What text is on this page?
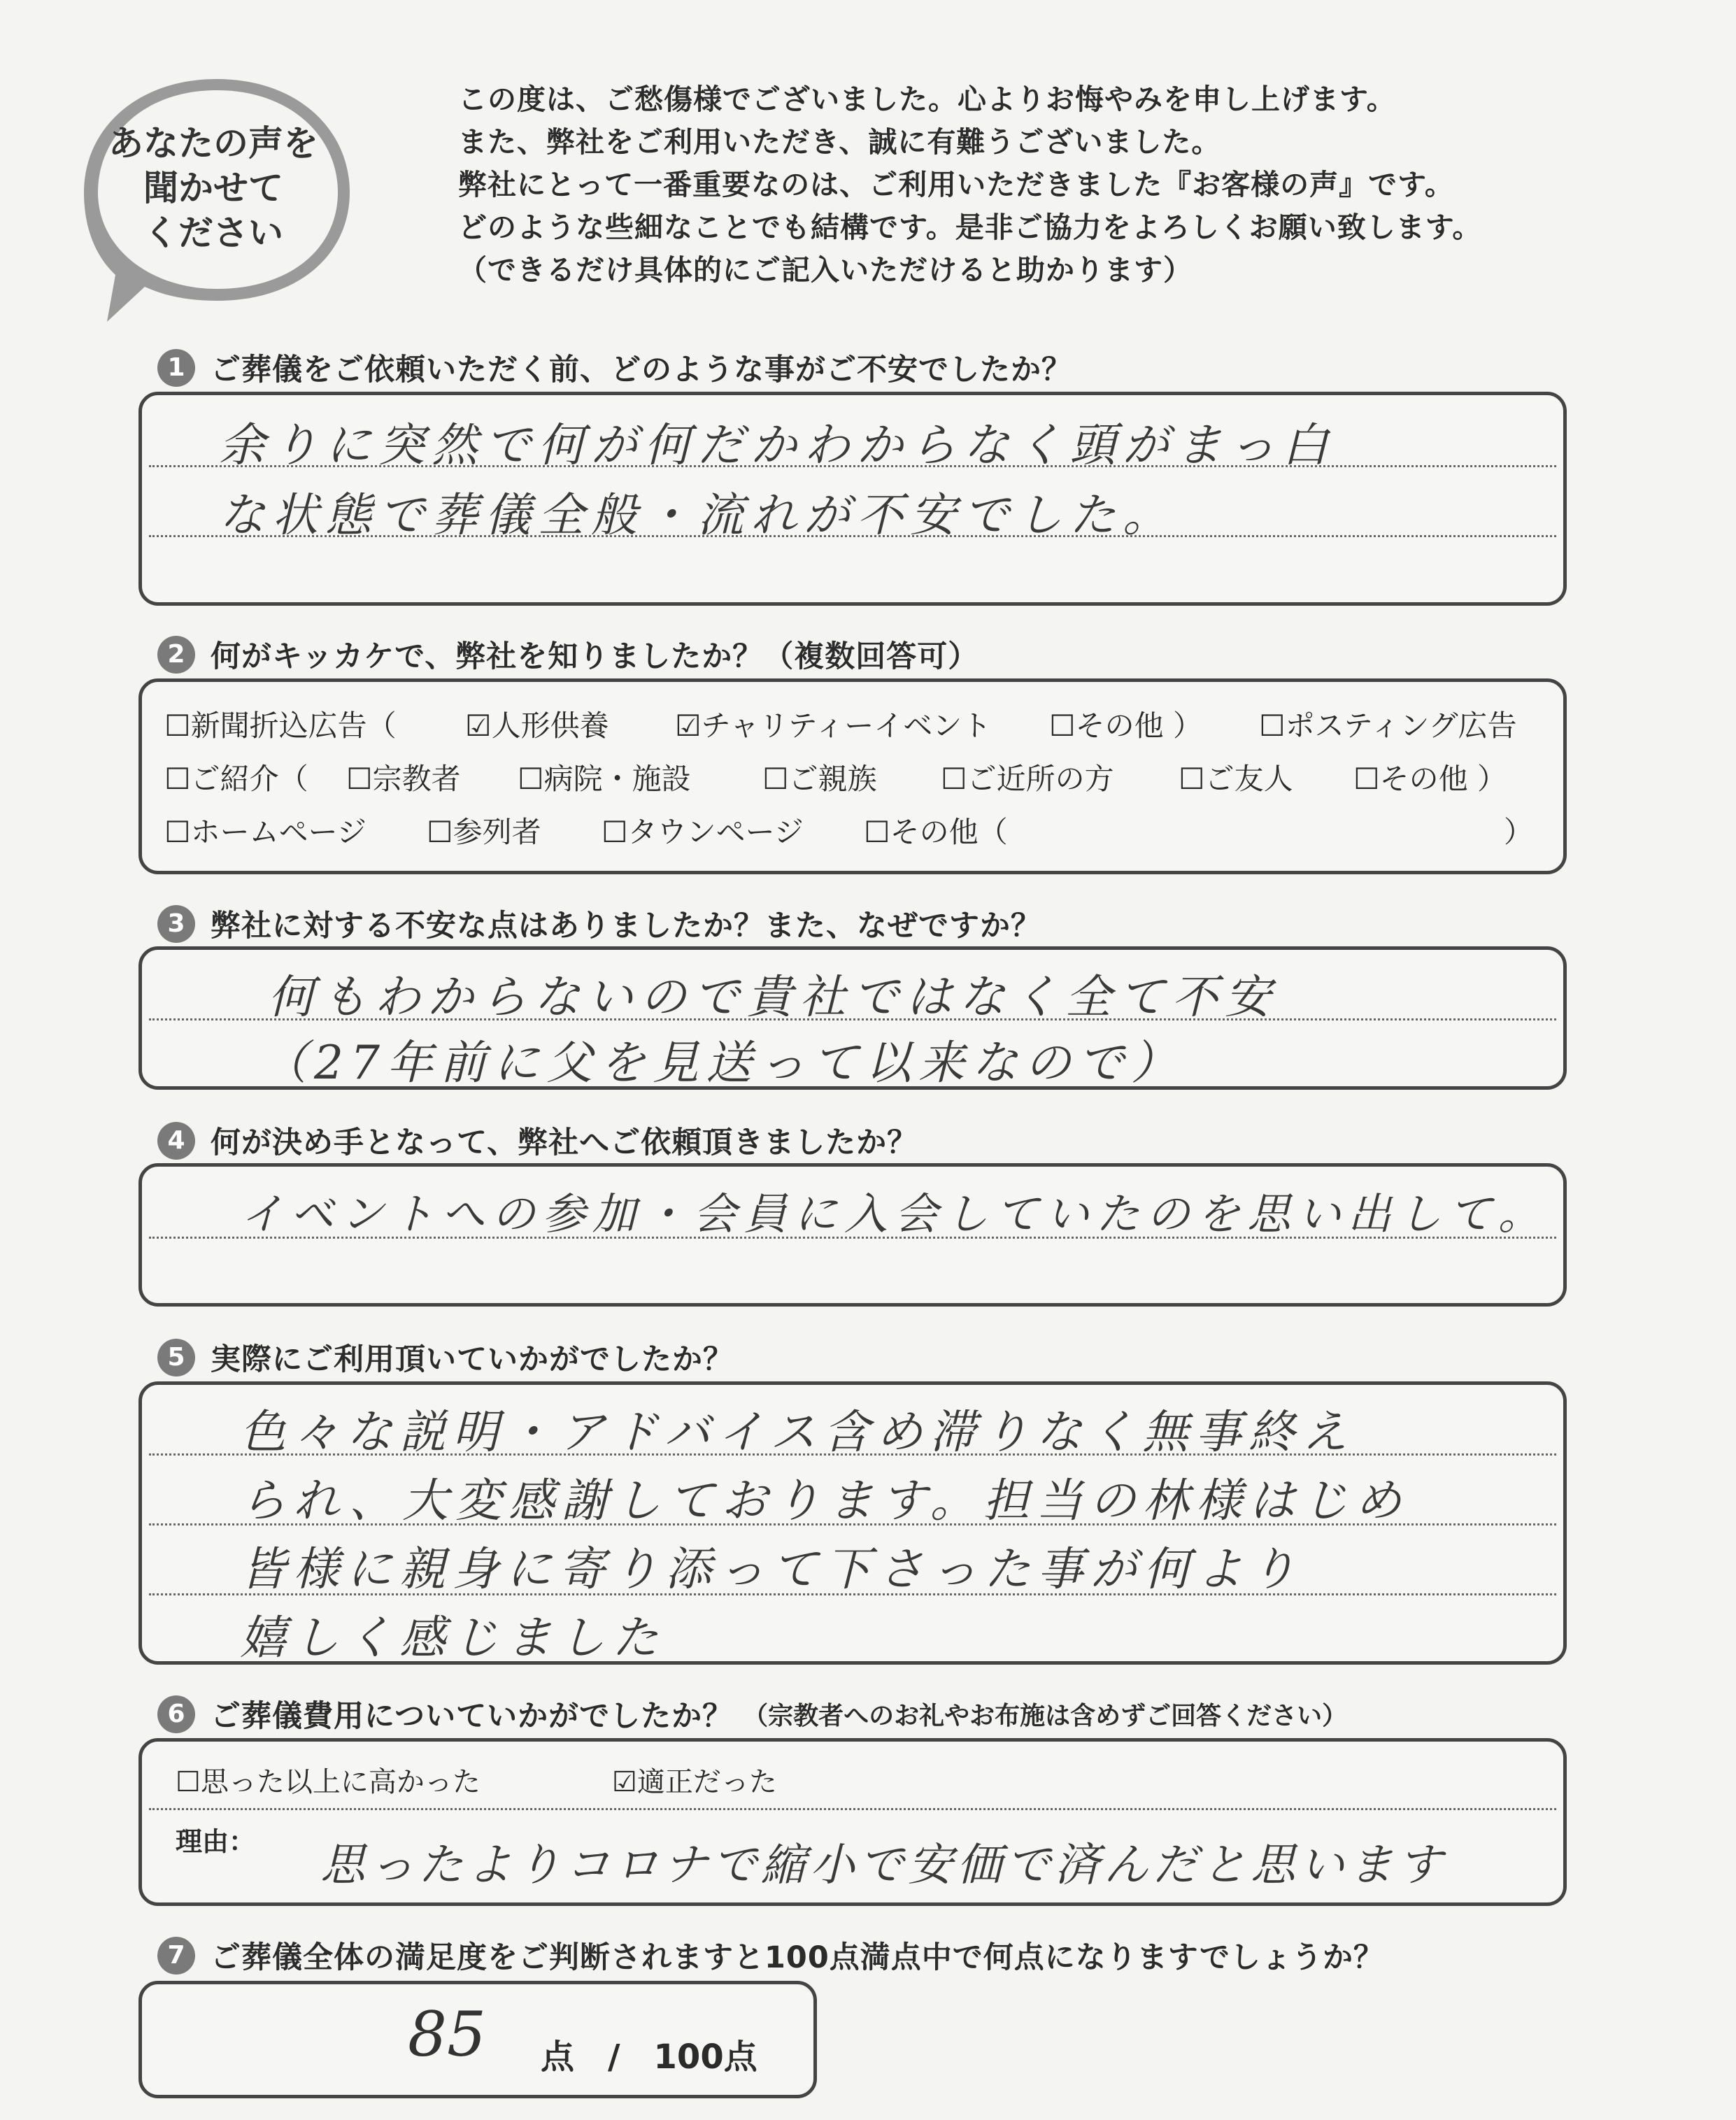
あなたの声を
聞かせて
ください
この度は、ご愁傷様でございました。心よりお悔やみを申し上げます。
また、弊社をご利用いただき、誠に有難うございました。
弊社にとって一番重要なのは、ご利用いただきました『お客様の声』です。
どのような些細なことでも結構です。是非ご協力をよろしくお願い致します。
（できるだけ具体的にご記入いただけると助かります）
1 ご葬儀をご依頼いただく前、どのような事がご不安でしたか？
余りに突然で何が何だかわからなく頭がまっ白
な状態で葬儀全般・流れが不安でした。
2 何がキッカケで、弊社を知りましたか？（複数回答可）
☐新聞折込広告（ ☑人形供養 ☑チャリティーイベント ☐その他 ） ☐ポスティング広告
☐ご紹介（ ☐宗教者 ☐病院・施設 ☐ご親族 ☐ご近所の方 ☐ご友人 ☐その他 ）
☐ホームページ ☐参列者 ☐タウンページ ☐その他（	）
3 弊社に対する不安な点はありましたか？また、なぜですか？
何もわからないので貴社ではなく全て不安
（27年前に父を見送って以来なので）
4 何が決め手となって、弊社へご依頼頂きましたか？
イベントへの参加・会員に入会していたのを思い出して。
5 実際にご利用頂いていかがでしたか？
色々な説明・アドバイス含め滞りなく無事終え
られ、大変感謝しております。担当の林様はじめ
皆様に親身に寄り添って下さった事が何より
嬉しく感じました
6 ご葬儀費用についていかがでしたか？ （宗教者へのお礼やお布施は含めずご回答ください）
☐思った以上に高かった	☑適正だった
理由： 思ったよりコロナで縮小で安価で済んだと思います
7 ご葬儀全体の満足度をご判断されますと100点満点中で何点になりますでしょうか？
85 点　/　100点
